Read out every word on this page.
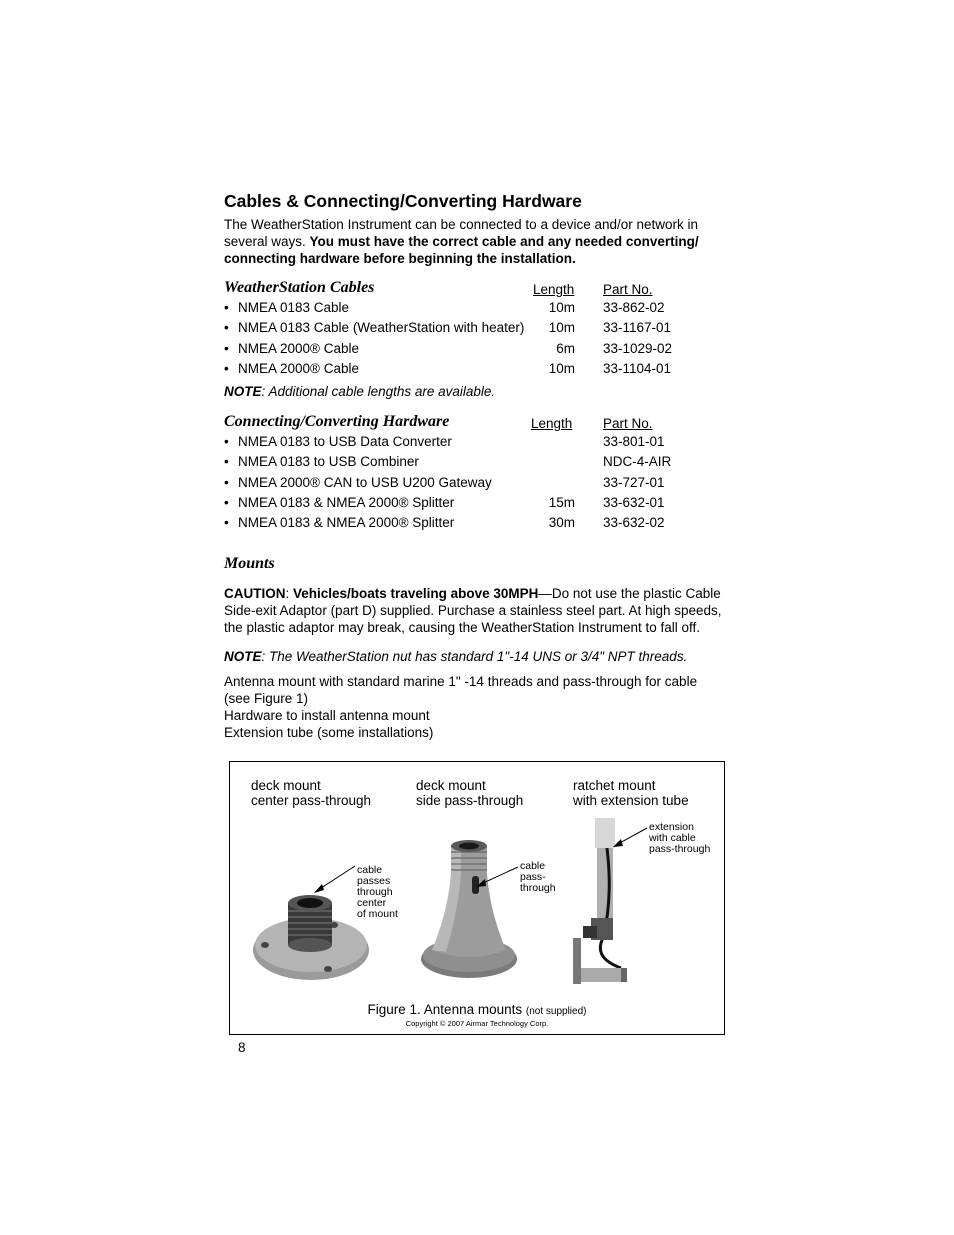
Cables & Connecting/Converting Hardware

The WeatherStation Instrument can be connected to a device and/or network in several ways. You must have the correct cable and any needed converting/ connecting hardware before beginning the installation.

WeatherStation Cables	Length Part No.
• NMEA 0183 Cable	10m 33-862-02
• NMEA 0183 Cable (WeatherStation with heater) 10m 33-1167-01
• NMEA 2000® Cable	6m 33-1029-02
• NMEA 2000® Cable	10m 33-1104-01
NOTE: Additional cable lengths are available.
Connecting/Converting Hardware	Length Part No.
• NMEA 0183 to USB Data Converter	33-801-01
• NMEA 0183 to USB Combiner	NDC-4-AIR
• NMEA 2000® CAN to USB U200 Gateway	33-727-01
• NMEA 0183 & NMEA 2000® Splitter	15m 33-632-01
• NMEA 0183 & NMEA 2000® Splitter	30m 33-632-02
Mounts

CAUTION: Vehicles/boats traveling above 30MPH—Do not use the plastic Cable Side-exit Adaptor (part D) supplied. Purchase a stainless steel part. At high speeds, the plastic adaptor may break, causing the WeatherStation Instrument to fall off.

NOTE: The WeatherStation nut has standard 1"-14 UNS or 3/4" NPT threads.

Antenna mount with standard marine 1" -14 threads and pass-through for cable (see Figure 1)

Hardware to install antenna mount

Extension tube (some installations)

deck mount
center pass-through
deck mount
side pass-through
ratchet mount
with extension tube
cable
passes
through
center
of mount
cable
pass-
through
extension
with cable
pass-through
Figure 1. Antenna mounts (not supplied)
Copyright © 2007 Airmar Technology Corp.
8
